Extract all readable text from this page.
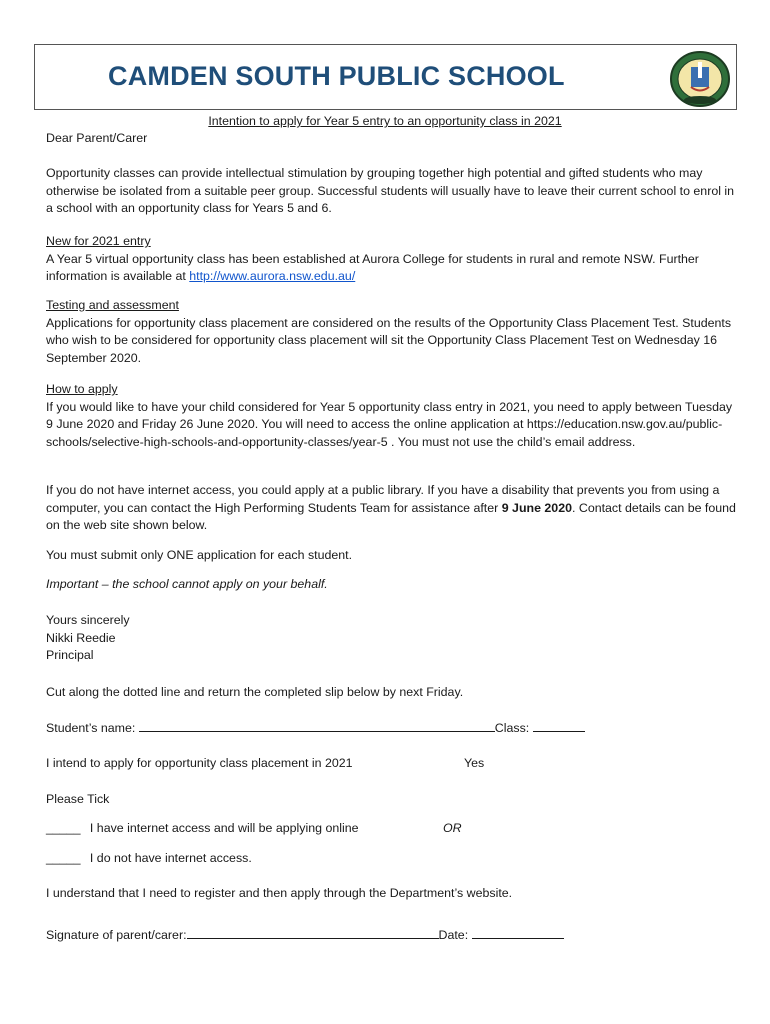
CAMDEN SOUTH PUBLIC SCHOOL
Intention to apply for Year 5 entry to an opportunity class in 2021

Dear Parent/Carer

Opportunity classes can provide intellectual stimulation by grouping together high potential and gifted students who may otherwise be isolated from a suitable peer group. Successful students will usually have to leave their current school to enrol in a school with an opportunity class for Years 5 and 6.

New for 2021 entry
A Year 5 virtual opportunity class has been established at Aurora College for students in rural and remote NSW. Further information is available at http://www.aurora.nsw.edu.au/

Testing and assessment
Applications for opportunity class placement are considered on the results of the Opportunity Class Placement Test. Students who wish to be considered for opportunity class placement will sit the Opportunity Class Placement Test on Wednesday 16 September 2020.

How to apply
If you would like to have your child considered for Year 5 opportunity class entry in 2021, you need to apply between Tuesday 9 June 2020 and Friday 26 June 2020. You will need to access the online application at https://education.nsw.gov.au/public-schools/selective-high-schools-and-opportunity-classes/year-5 . You must not use the child’s email address.

If you do not have internet access, you could apply at a public library. If you have a disability that prevents you from using a computer, you can contact the High Performing Students Team for assistance after 9 June 2020. Contact details can be found on the web site shown below.

You must submit only ONE application for each student.

Important – the school cannot apply on your behalf.

Yours sincerely
Nikki Reedie
Principal

Cut along the dotted line and return the completed slip below by next Friday.

Student’s name:	Class:
I intend to apply for opportunity class placement in 2021	Yes
Please Tick
_____ I have internet access and will be applying online	OR
_____ I do not have internet access.
I understand that I need to register and then apply through the Department’s website.
Signature of parent/carer:	Date:
